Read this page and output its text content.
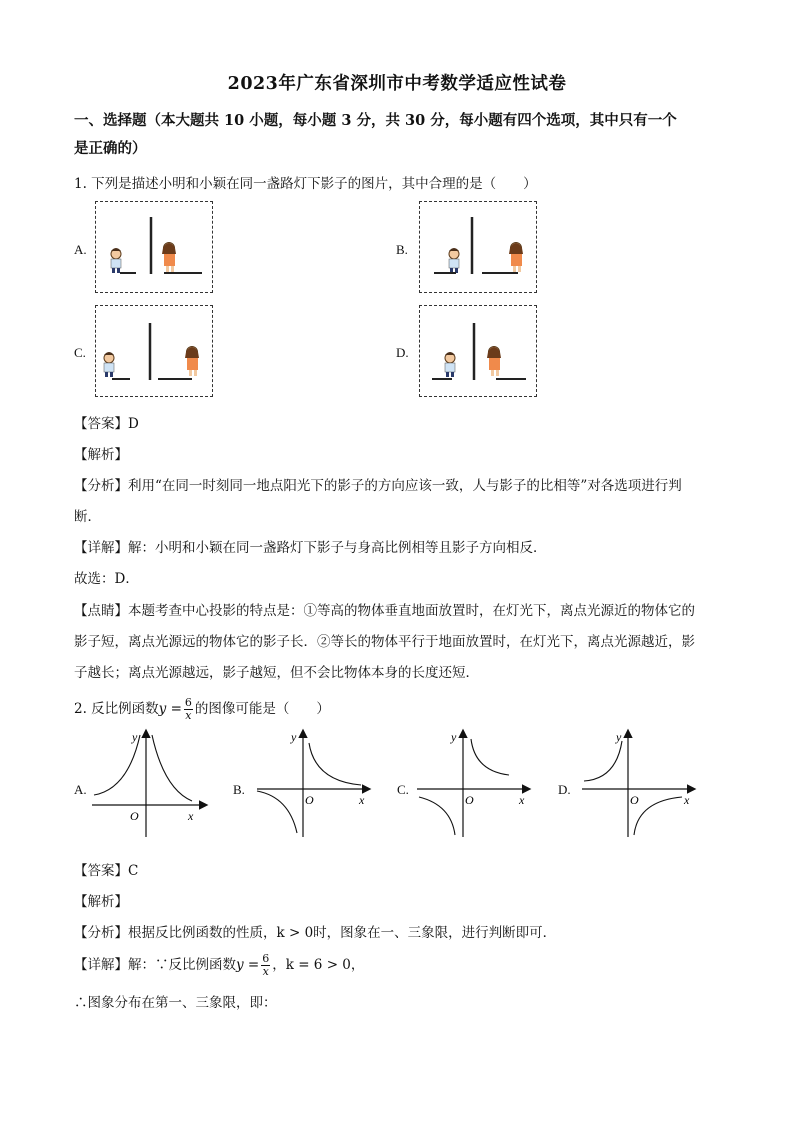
2023年广东省深圳市中考数学适应性试卷
一、选择题（本大题共 10 小题，每小题 3 分，共 30 分，每小题有四个选项，其中只有一个
是正确的）
1. 下列是描述小明和小颖在同一盏路灯下影子的图片，其中合理的是（　　）
A.	B.
C.	D.
【答案】D
【解析】
【分析】利用“在同一时刻同一地点阳光下的影子的方向应该一致，人与影子的比相等”对各选项进行判
断．
【详解】解：小明和小颖在同一盏路灯下影子与身高比例相等且影子方向相反．
故选：D．
【点睛】本题考查中心投影的特点是：①等高的物体垂直地面放置时，在灯光下，离点光源近的物体它的
影子短，离点光源远的物体它的影子长．②等长的物体平行于地面放置时，在灯光下，离点光源越近，影
子越长；离点光源越远，影子越短，但不会比物体本身的长度还短．
2. 反比例函数$y = \frac{6}{x}$ 的图像可能是（　　）
A.
y
O	x
B.
y
O	x
C.
y
O	x
D.
y
O	x
【答案】C
【解析】
【分析】根据反比例函数的性质，k > 0时，图象在一、三象限，进行判断即可．
【详解】解：∵反比例函数$y = \frac{6}{x}$ ，k = 6 > 0，
∴图象分布在第一、三象限，即：
